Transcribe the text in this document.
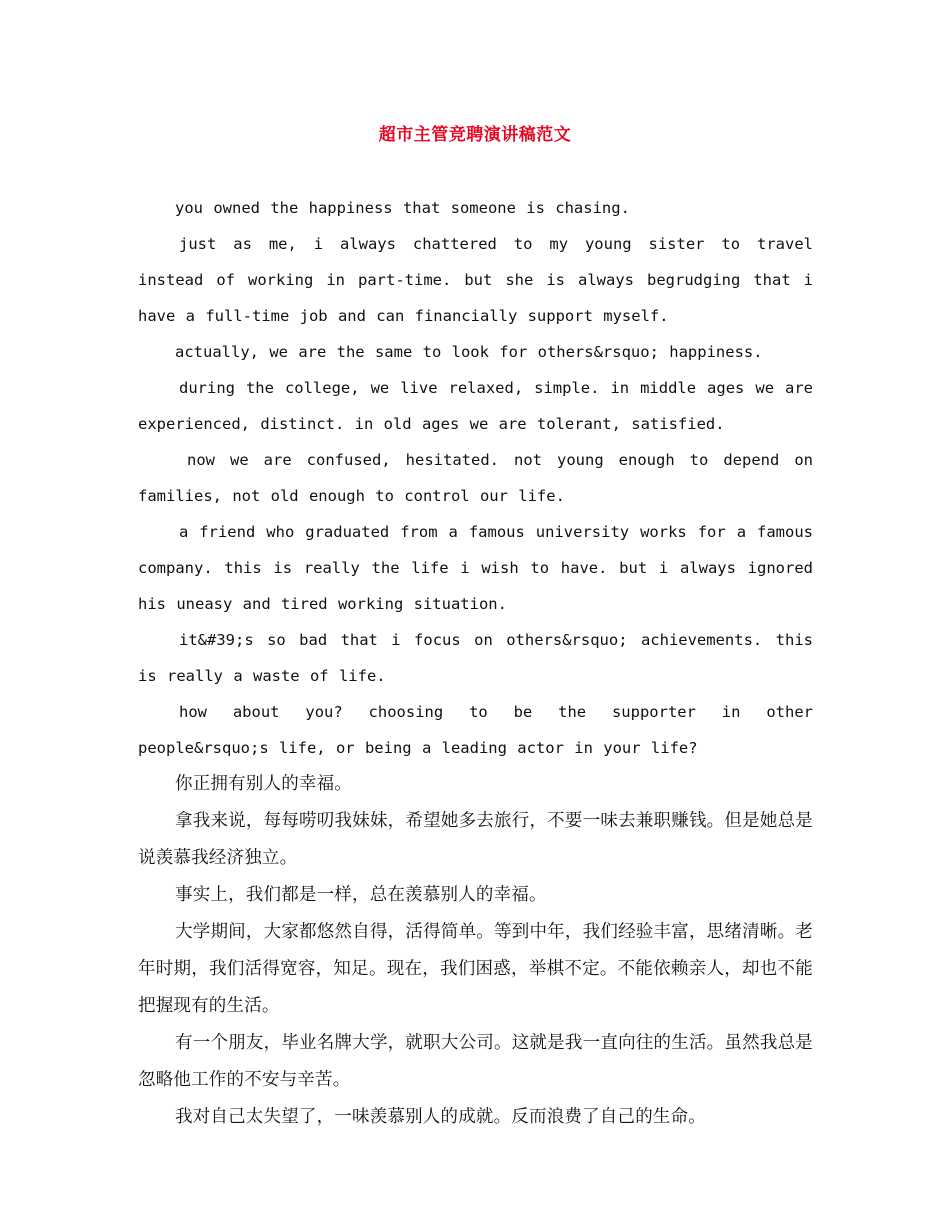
超市主管竞聘演讲稿范文

you owned the happiness that someone is chasing.

just as me, i always chattered to my young sister to travel instead of working in part-time. but she is always begrudging that i have a full-time job and can financially support myself.

actually, we are the same to look for others&rsquo; happiness.

during the college, we live relaxed, simple. in middle ages we are experienced, distinct. in old ages we are tolerant, satisfied.

now we are confused, hesitated. not young enough to depend on families, not old enough to control our life.

a friend who graduated from a famous university works for a famous company. this is really the life i wish to have. but i always ignored his uneasy and tired working situation.

it&#39;s so bad that i focus on others&rsquo; achievements. this is really a waste of life.

how about you? choosing to be the supporter in other people&rsquo;s life, or being a leading actor in your life?

你正拥有别人的幸福。

拿我来说，每每唠叨我妹妹，希望她多去旅行，不要一味去兼职赚钱。但是她总是说羡慕我经济独立。

事实上，我们都是一样，总在羡慕别人的幸福。

大学期间，大家都悠然自得，活得简单。等到中年，我们经验丰富，思绪清晰。老年时期，我们活得宽容，知足。现在，我们困惑，举棋不定。不能依赖亲人，却也不能把握现有的生活。

有一个朋友，毕业名牌大学，就职大公司。这就是我一直向往的生活。虽然我总是忽略他工作的不安与辛苦。

我对自己太失望了，一味羡慕别人的成就。反而浪费了自己的生命。
